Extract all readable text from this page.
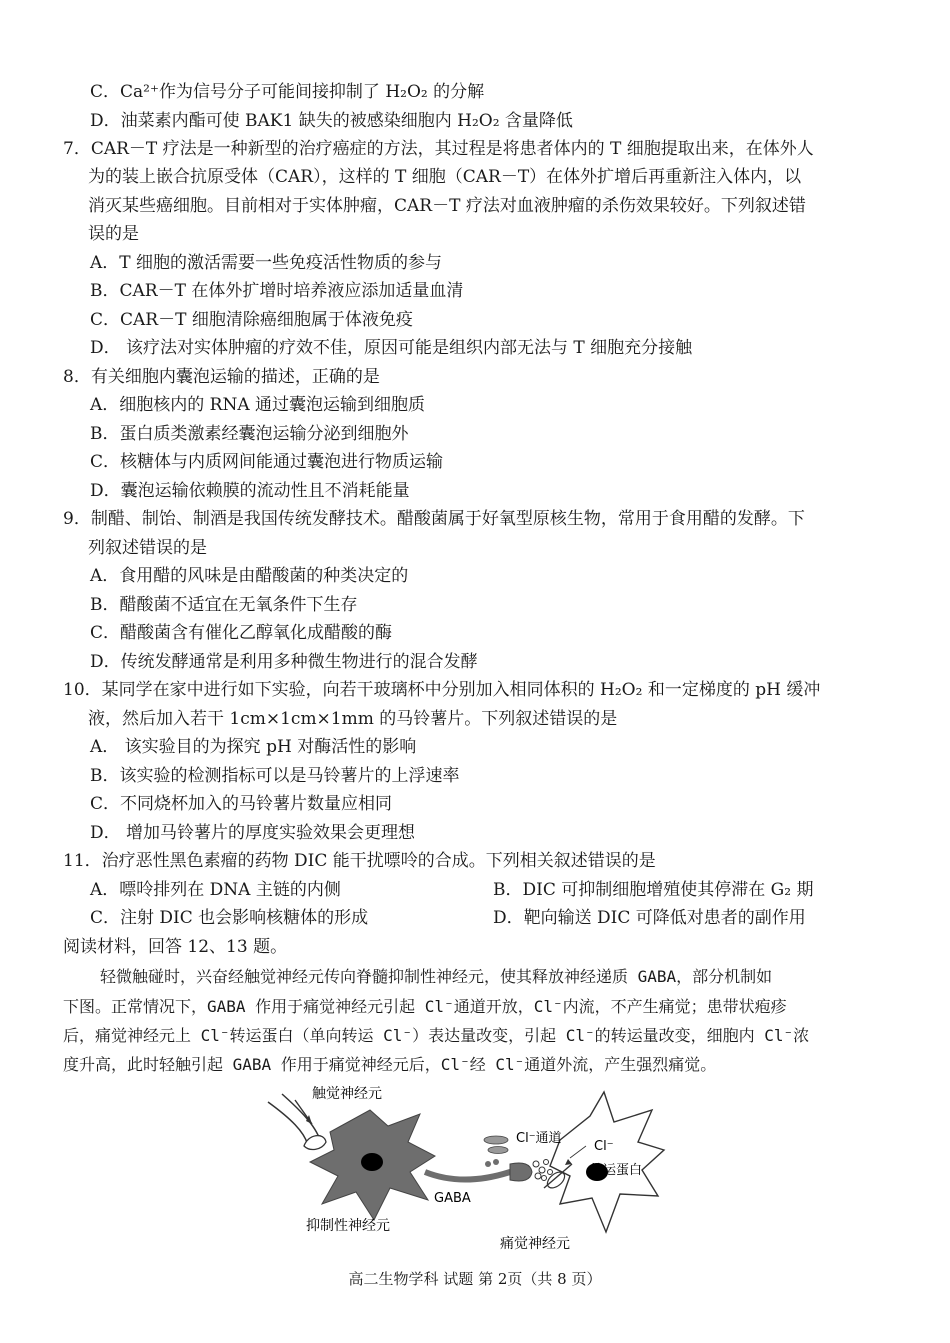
C．Ca²⁺作为信号分子可能间接抑制了 H₂O₂ 的分解
D．油菜素内酯可使 BAK1 缺失的被感染细胞内 H₂O₂ 含量降低
7．CAR－T 疗法是一种新型的治疗癌症的方法，其过程是将患者体内的 T 细胞提取出来，在体外人
为的装上嵌合抗原受体（CAR），这样的 T 细胞（CAR－T）在体外扩增后再重新注入体内，以
消灭某些癌细胞。目前相对于实体肿瘤，CAR－T 疗法对血液肿瘤的杀伤效果较好。下列叙述错
误的是
A．T 细胞的激活需要一些免疫活性物质的参与
B．CAR－T 在体外扩增时培养液应添加适量血清
C．CAR－T 细胞清除癌细胞属于体液免疫
D． 该疗法对实体肿瘤的疗效不佳，原因可能是组织内部无法与 T 细胞充分接触
8．有关细胞内囊泡运输的描述，正确的是
A．细胞核内的 RNA 通过囊泡运输到细胞质
B．蛋白质类激素经囊泡运输分泌到细胞外
C．核糖体与内质网间能通过囊泡进行物质运输
D．囊泡运输依赖膜的流动性且不消耗能量
9．制醋、制饴、制酒是我国传统发酵技术。醋酸菌属于好氧型原核生物，常用于食用醋的发酵。下
列叙述错误的是
A．食用醋的风味是由醋酸菌的种类决定的
B．醋酸菌不适宜在无氧条件下生存
C．醋酸菌含有催化乙醇氧化成醋酸的酶
D．传统发酵通常是利用多种微生物进行的混合发酵
10．某同学在家中进行如下实验，向若干玻璃杯中分别加入相同体积的 H₂O₂ 和一定梯度的 pH 缓冲
液，然后加入若干 1cm×1cm×1mm 的马铃薯片。下列叙述错误的是
A． 该实验目的为探究 pH 对酶活性的影响
B．该实验的检测指标可以是马铃薯片的上浮速率
C．不同烧杯加入的马铃薯片数量应相同
D． 增加马铃薯片的厚度实验效果会更理想
11．治疗恶性黑色素瘤的药物 DIC 能干扰嘌呤的合成。下列相关叙述错误的是
A．嘌呤排列在 DNA 主链的内侧	B．DIC 可抑制细胞增殖使其停滞在 G₂ 期
C．注射 DIC 也会影响核糖体的形成	D．靶向输送 DIC 可降低对患者的副作用
阅读材料，回答 12、13 题。
轻微触碰时，兴奋经触觉神经元传向脊髓抑制性神经元，使其释放神经递质 GABA，部分机制如
下图。正常情况下，GABA 作用于痛觉神经元引起 Cl⁻通道开放，Cl⁻内流，不产生痛觉；患带状疱疹
后，痛觉神经元上 Cl⁻转运蛋白（单向转运 Cl⁻）表达量改变，引起 Cl⁻的转运量改变，细胞内 Cl⁻浓
度升高，此时轻触引起 GABA 作用于痛觉神经元后，Cl⁻经 Cl⁻通道外流，产生强烈痛觉。
触觉神经元
抑制性神经元
痛觉神经元
GABA
Cl⁻通道
Cl⁻
转运蛋白
高二生物学科 试题 第 2页（共 8 页）
